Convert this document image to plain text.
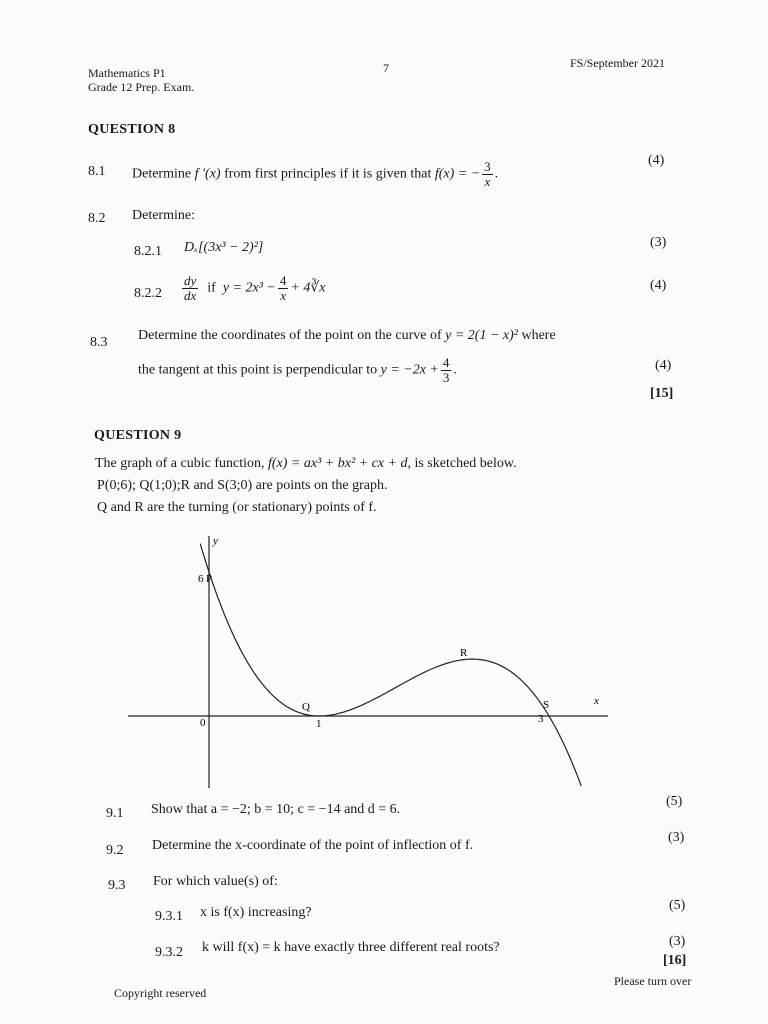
Mathematics P1
Grade 12 Prep. Exam.
7	FS/September 2021
QUESTION 8
8.1 Determine f ′(x) from first principles if it is given that f(x) = − $\frac{3}{x}$ .
(4)
8.2 Determine:
8.2.1 Dₓ[(3x³ − 2)²]	(3)
$8.2.2 \frac{dy}{dx}$ if $y = 2x^3 - \frac{4}{x}$ + 4∛x	(4)
8.3 Determine the coordinates of the point on the curve of y = 2(1 − x)² where
the tangent at this point is perpendicular to $y = -2x + \frac{4}{3}$ .	(4)
[15]
QUESTION 9
The graph of a cubic function, f(x) = ax³ + bx² + cx + d, is sketched below.
P(0;6); Q(1;0);R and S(3;0) are points on the graph.
Q and R are the turning (or stationary) points of f.
y
x
6 P
0
Q
1
R
S
3
9.1 Show that a = −2; b = 10; c = −14 and d = 6.
(5)
9.2 Determine the x-coordinate of the point of inflection of f.
(3)
9.3 For which value(s) of:
9.3.1 x is f(x) increasing?	(5)
9.3.2 k will f(x) = k have exactly three different real roots?	(3)
[16]
Copyright reserved
Please turn over
